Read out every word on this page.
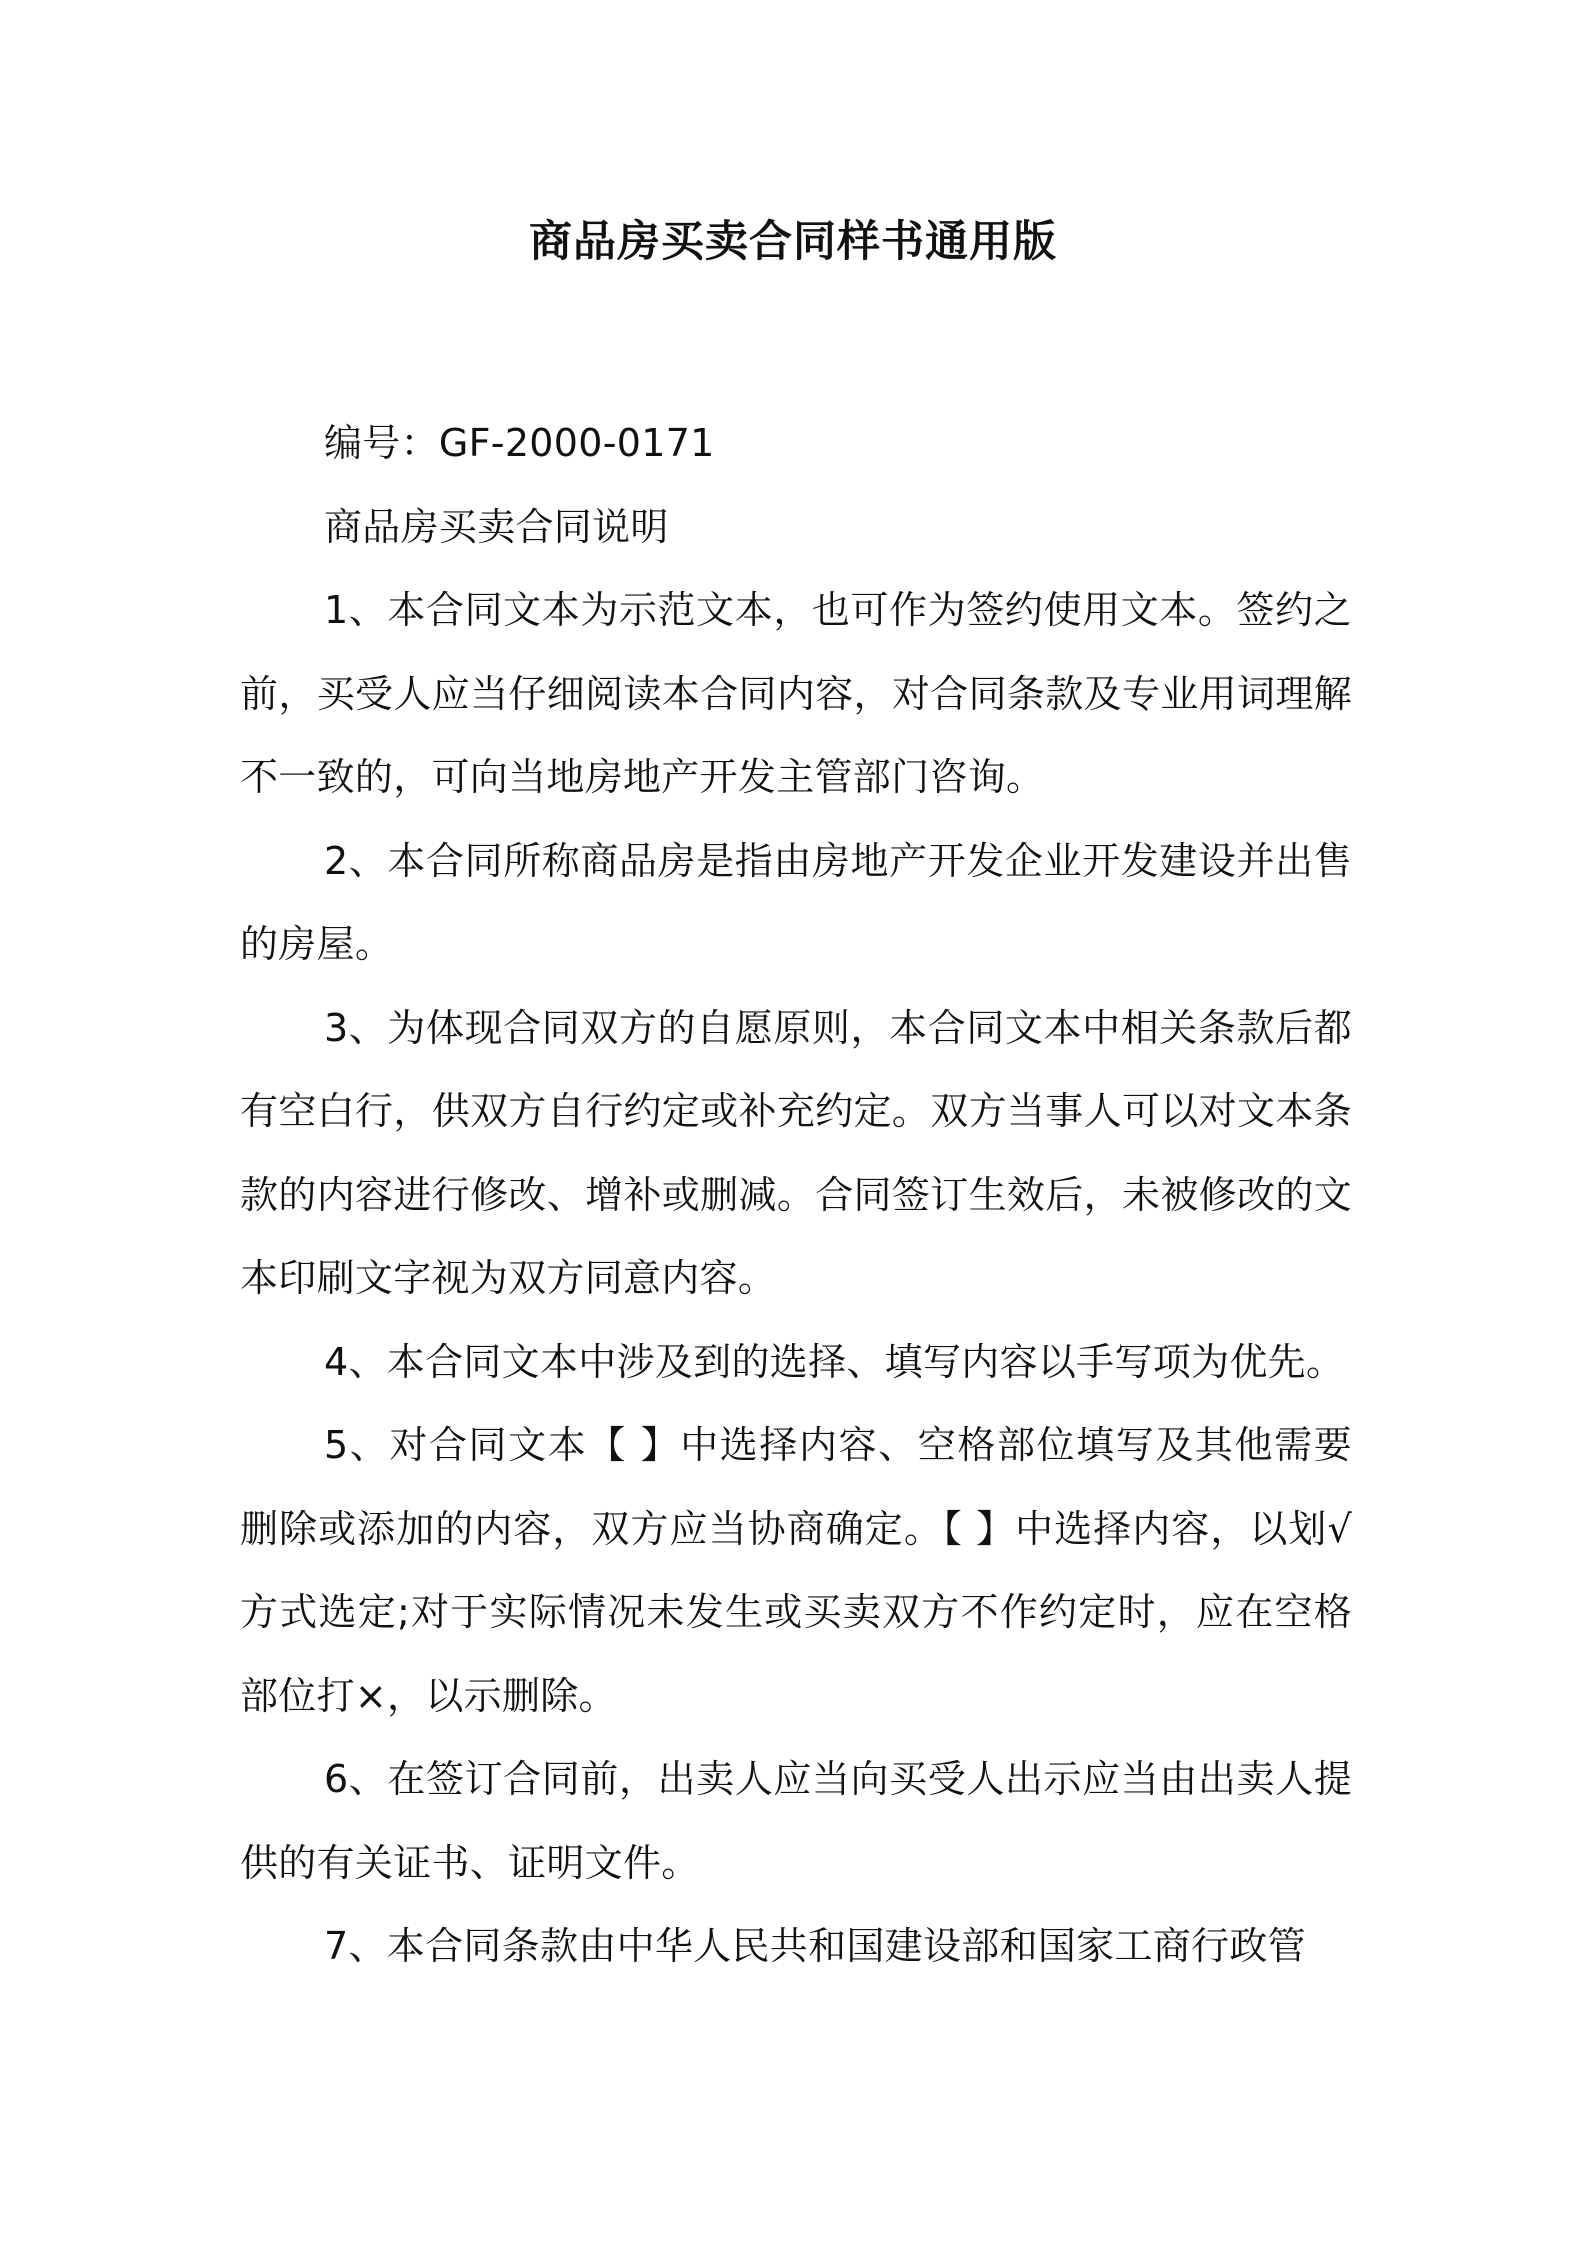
商品房买卖合同样书通用版

编号：GF-2000-0171

商品房买卖合同说明

1、本合同文本为示范文本，也可作为签约使用文本。签约之前，买受人应当仔细阅读本合同内容，对合同条款及专业用词理解不一致的，可向当地房地产开发主管部门咨询。

2、本合同所称商品房是指由房地产开发企业开发建设并出售的房屋。

3、为体现合同双方的自愿原则，本合同文本中相关条款后都有空白行，供双方自行约定或补充约定。双方当事人可以对文本条款的内容进行修改、增补或删减。合同签订生效后，未被修改的文本印刷文字视为双方同意内容。

4、本合同文本中涉及到的选择、填写内容以手写项为优先。

5、对合同文本【 】中选择内容、空格部位填写及其他需要删除或添加的内容，双方应当协商确定。【 】中选择内容，以划√方式选定;对于实际情况未发生或买卖双方不作约定时，应在空格部位打×，以示删除。

6、在签订合同前，出卖人应当向买受人出示应当由出卖人提供的有关证书、证明文件。

7、本合同条款由中华人民共和国建设部和国家工商行政管
